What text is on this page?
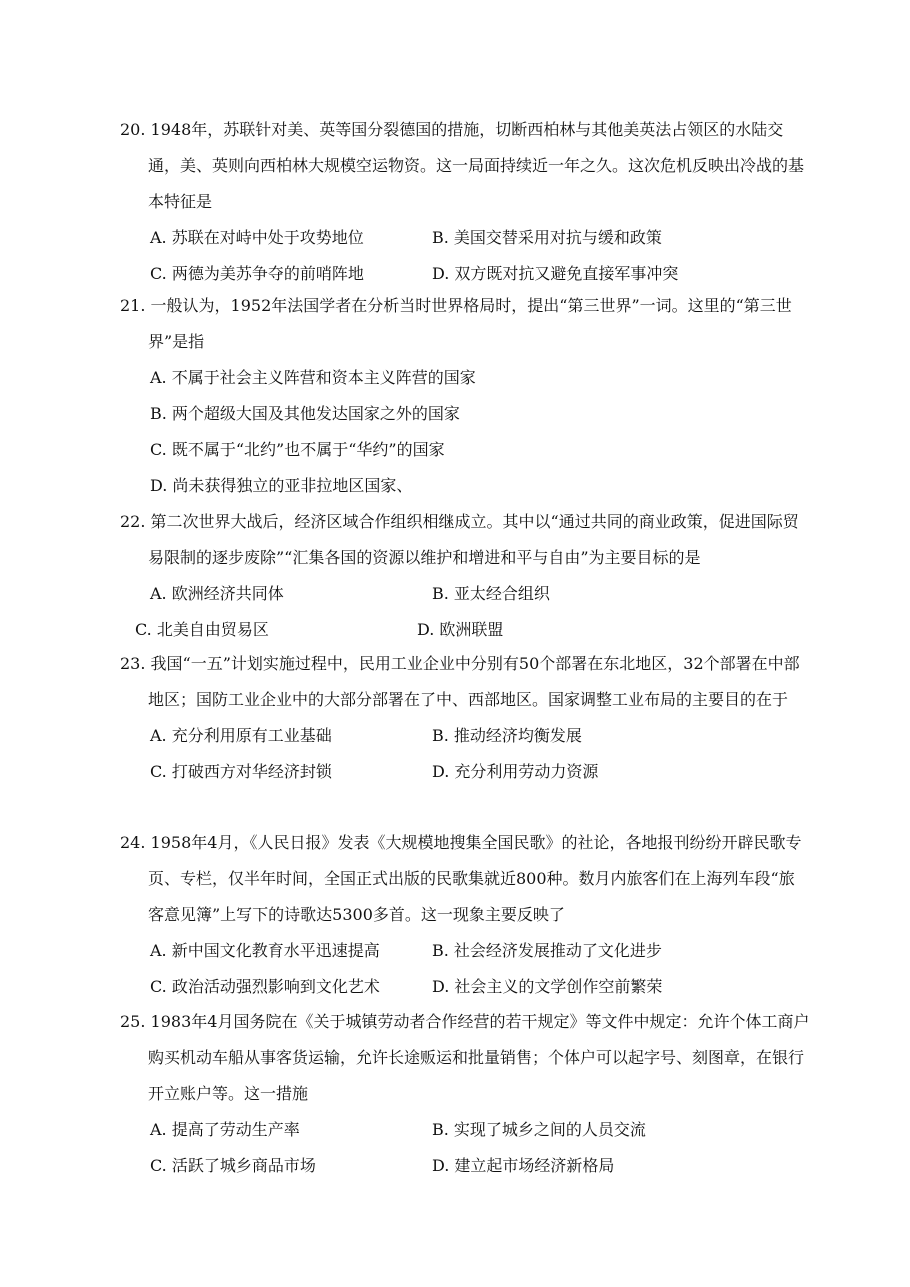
20. 1948年，苏联针对美、英等国分裂德国的措施，切断西柏林与其他美英法占领区的水陆交通，美、英则向西柏林大规模空运物资。这一局面持续近一年之久。这次危机反映出冷战的基本特征是

A. 苏联在对峙中处于攻势地位	B. 美国交替采用对抗与缓和政策
C. 两德为美苏争夺的前哨阵地	D. 双方既对抗又避免直接军事冲突

21. 一般认为，1952年法国学者在分析当时世界格局时，提出“第三世界”一词。这里的“第三世界”是指

A. 不属于社会主义阵营和资本主义阵营的国家
B. 两个超级大国及其他发达国家之外的国家
C. 既不属于“北约”也不属于“华约”的国家
D. 尚未获得独立的亚非拉地区国家、

22. 第二次世界大战后，经济区域合作组织相继成立。其中以“通过共同的商业政策，促进国际贸易限制的逐步废除”“汇集各国的资源以维护和增进和平与自由”为主要目标的是

A. 欧洲经济共同体	B. 亚太经合组织
C. 北美自由贸易区	D. 欧洲联盟

23. 我国“一五”计划实施过程中，民用工业企业中分别有50个部署在东北地区，32个部署在中部地区；国防工业企业中的大部分部署在了中、西部地区。国家调整工业布局的主要目的在于

A. 充分利用原有工业基础	B. 推动经济均衡发展
C. 打破西方对华经济封锁	D. 充分利用劳动力资源

24. 1958年4月，《人民日报》发表《大规模地搜集全国民歌》的社论，各地报刊纷纷开辟民歌专页、专栏，仅半年时间，全国正式出版的民歌集就近800种。数月内旅客们在上海列车段“旅客意见簿”上写下的诗歌达5300多首。这一现象主要反映了

A. 新中国文化教育水平迅速提高	B. 社会经济发展推动了文化进步
C. 政治活动强烈影响到文化艺术	D. 社会主义的文学创作空前繁荣

25. 1983年4月国务院在《关于城镇劳动者合作经营的若干规定》等文件中规定：允许个体工商户购买机动车船从事客货运输，允许长途贩运和批量销售；个体户可以起字号、刻图章，在银行开立账户等。这一措施

A. 提高了劳动生产率	B. 实现了城乡之间的人员交流
C. 活跃了城乡商品市场	D. 建立起市场经济新格局
